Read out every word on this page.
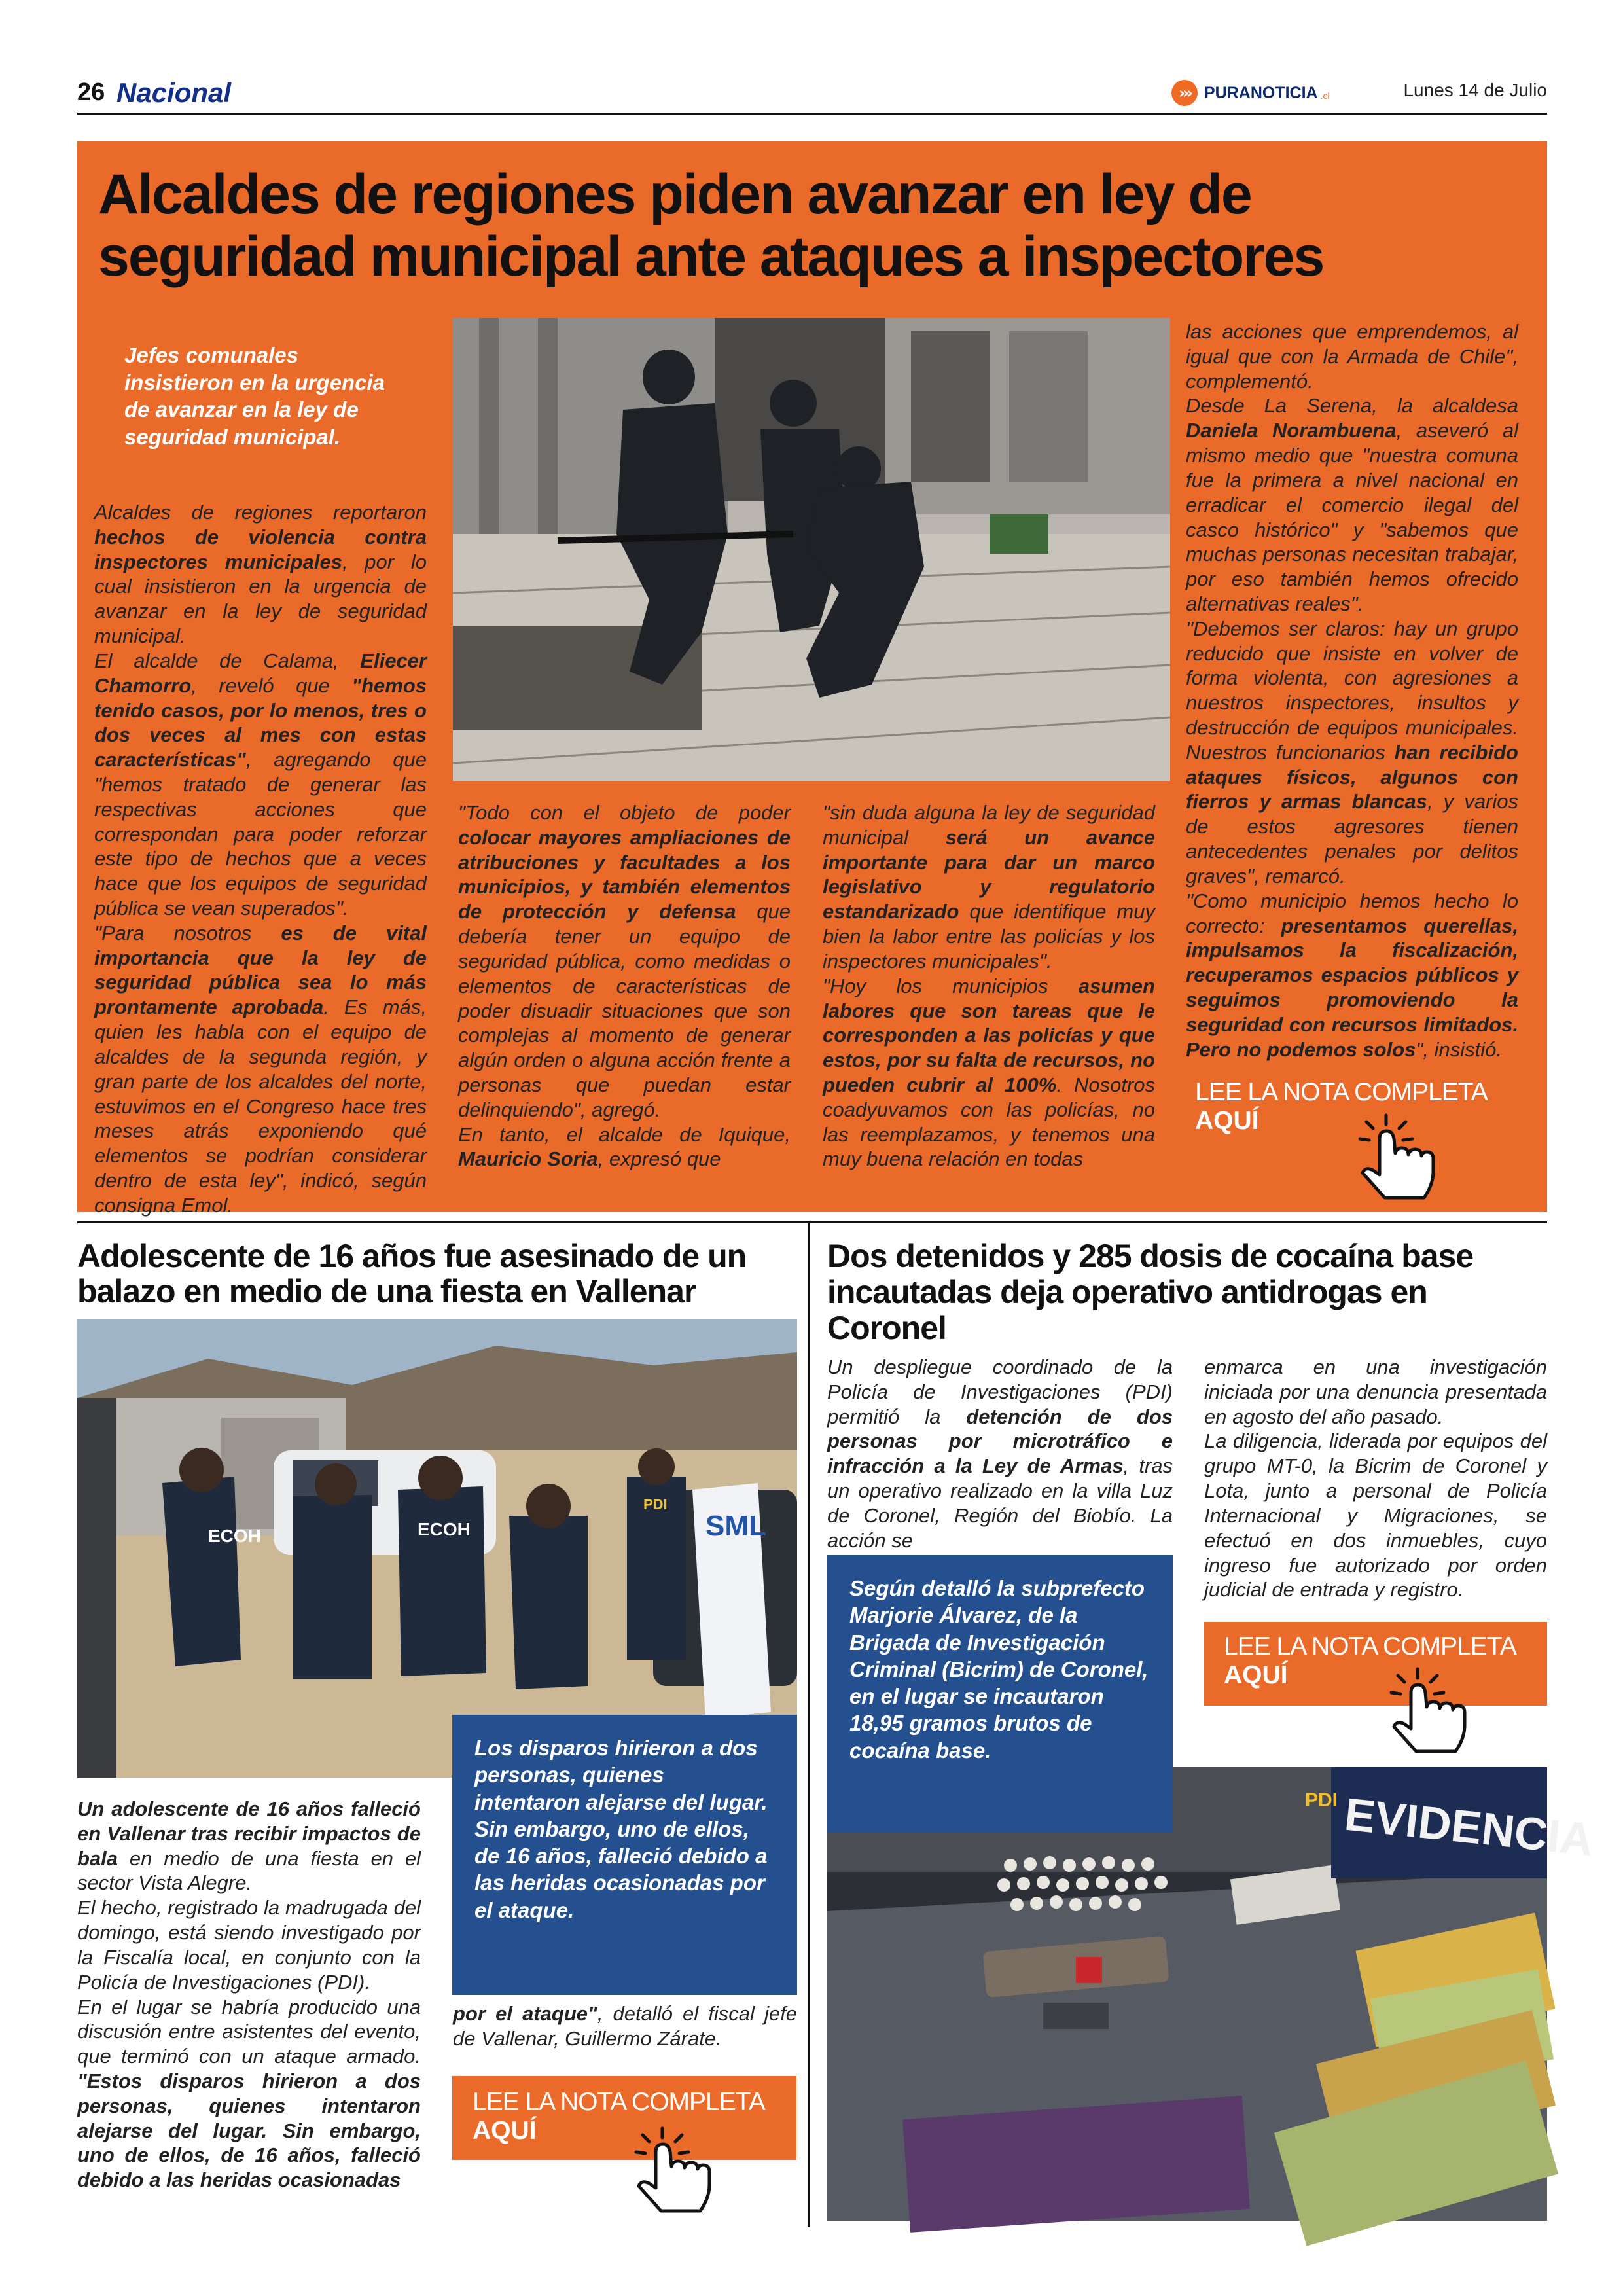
26 Nacional	››› PURANOTICIA .cl	Lunes 14 de Julio
Alcaldes de regiones piden avanzar en ley de seguridad municipal ante ataques a inspectores
Jefes comunales insistieron en la urgencia de avanzar en la ley de seguridad municipal.
Alcaldes de regiones reportaron hechos de violencia contra inspectores municipales, por lo cual insistieron en la urgencia de avanzar en la ley de seguridad municipal.
El alcalde de Calama, Eliecer Chamorro, reveló que "hemos tenido casos, por lo menos, tres o dos veces al mes con estas características", agregando que "hemos tratado de generar las respectivas acciones que correspondan para poder reforzar este tipo de hechos que a veces hace que los equipos de seguridad pública se vean superados".
"Para nosotros es de vital importancia que la ley de seguridad pública sea lo más prontamente aprobada. Es más, quien les habla con el equipo de alcaldes de la segunda región, y gran parte de los alcaldes del norte, estuvimos en el Congreso hace tres meses atrás exponiendo qué elementos se podrían considerar dentro de esta ley", indicó, según consigna Emol.
"Todo con el objeto de poder colocar mayores ampliaciones de atribuciones y facultades a los municipios, y también elementos de protección y defensa que debería tener un equipo de seguridad pública, como medidas o elementos de características de poder disuadir situaciones que son complejas al momento de generar algún orden o alguna acción frente a personas que puedan estar delinquiendo", agregó.
En tanto, el alcalde de Iquique, Mauricio Soria, expresó que
"sin duda alguna la ley de seguridad municipal será un avance importante para dar un marco legislativo y regulatorio estandarizado que identifique muy bien la labor entre las policías y los inspectores municipales".
"Hoy los municipios asumen labores que son tareas que le corresponden a las policías y que estos, por su falta de recursos, no pueden cubrir al 100%. Nosotros coadyuvamos con las policías, no las reemplazamos, y tenemos una muy buena relación en todas
las acciones que emprendemos, al igual que con la Armada de Chile", complementó.
Desde La Serena, la alcaldesa Daniela Norambuena, aseveró al mismo medio que "nuestra comuna fue la primera a nivel nacional en erradicar el comercio ilegal del casco histórico" y "sabemos que muchas personas necesitan trabajar, por eso también hemos ofrecido alternativas reales".
"Debemos ser claros: hay un grupo reducido que insiste en volver de forma violenta, con agresiones a nuestros inspectores, insultos y destrucción de equipos municipales. Nuestros funcionarios han recibido ataques físicos, algunos con fierros y armas blancas, y varios de estos agresores tienen antecedentes penales por delitos graves", remarcó.
"Como municipio hemos hecho lo correcto: presentamos querellas, impulsamos la fiscalización, recuperamos espacios públicos y seguimos promoviendo la seguridad con recursos limitados. Pero no podemos solos", insistió.
LEE LA NOTA COMPLETA
AQUÍ
Adolescente de 16 años fue asesinado de un balazo en medio de una fiesta en Vallenar
ECOH	ECOH
PDI
SML
Los disparos hirieron a dos personas, quienes intentaron alejarse del lugar. Sin embargo, uno de ellos, de 16 años, falleció debido a las heridas ocasionadas por el ataque.
Un adolescente de 16 años falleció en Vallenar tras recibir impactos de bala en medio de una fiesta en el sector Vista Alegre.
El hecho, registrado la madrugada del domingo, está siendo investigado por la Fiscalía local, en conjunto con la Policía de Investigaciones (PDI).
En el lugar se habría producido una discusión entre asistentes del evento, que terminó con un ataque armado. "Estos disparos hirieron a dos personas, quienes intentaron alejarse del lugar. Sin embargo, uno de ellos, de 16 años, falleció debido a las heridas ocasionadas
por el ataque", detalló el fiscal jefe de Vallenar, Guillermo Zárate.
LEE LA NOTA COMPLETA
AQUÍ
Dos detenidos y 285 dosis de cocaína base incautadas deja operativo antidrogas en Coronel
Un despliegue coordinado de la Policía de Investigaciones (PDI) permitió la detención de dos personas por microtráfico e infracción a la Ley de Armas, tras un operativo realizado en la villa Luz de Coronel, Región del Biobío. La acción se
enmarca en una investigación iniciada por una denuncia presentada en agosto del año pasado.
La diligencia, liderada por equipos del grupo MT-0, la Bicrim de Coronel y Lota, junto a personal de Policía Internacional y Migraciones, se efectuó en dos inmuebles, cuyo ingreso fue autorizado por orden judicial de entrada y registro.
LEE LA NOTA COMPLETA
AQUÍ
EVIDENCIA
PDI
Según detalló la subprefecto Marjorie Álvarez, de la Brigada de Investigación Criminal (Bicrim) de Coronel, en el lugar se incautaron 18,95 gramos brutos de cocaína base.
